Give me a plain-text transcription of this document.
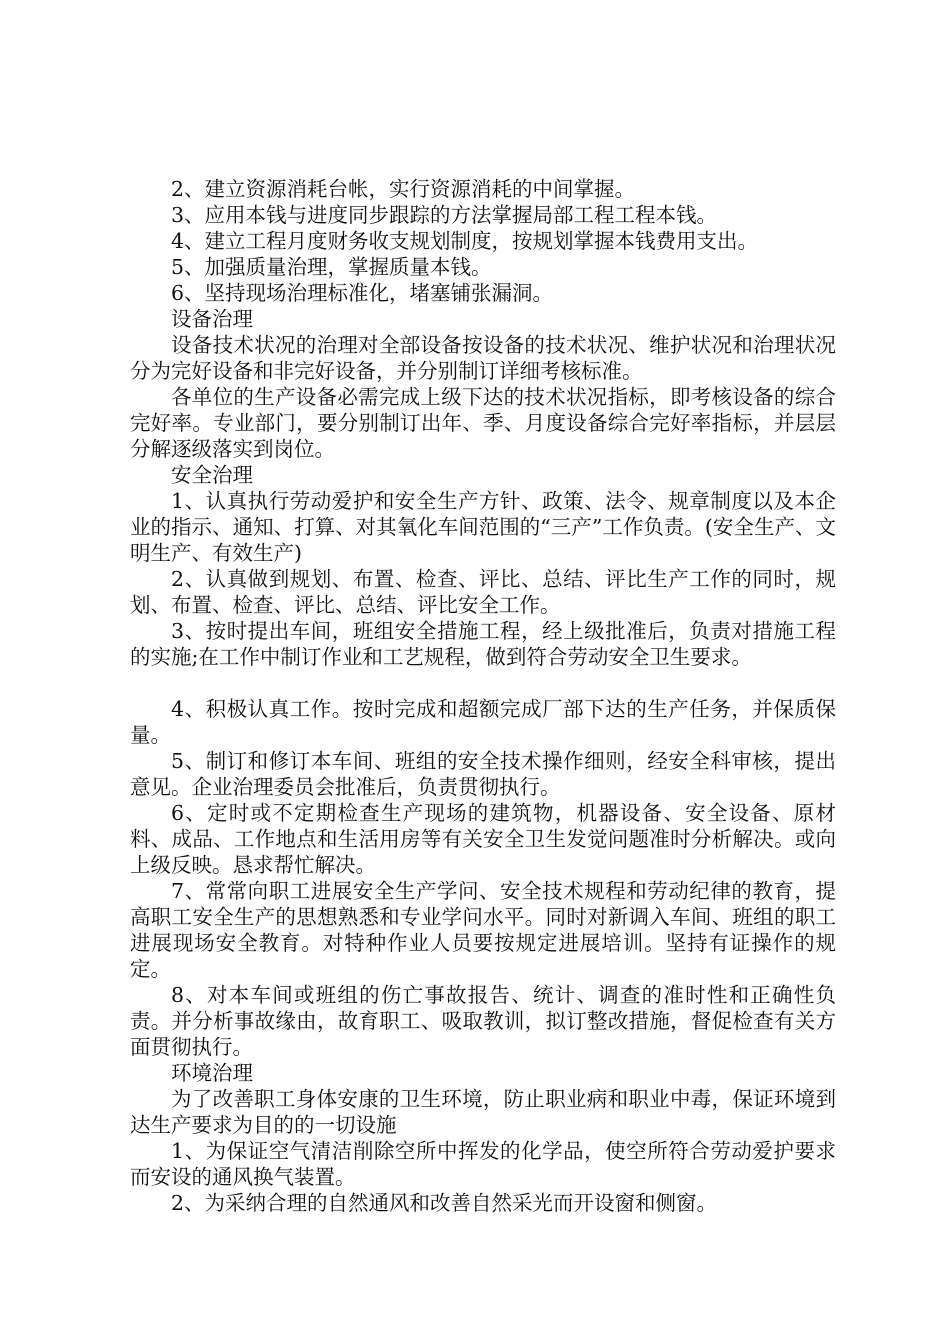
2、建立资源消耗台帐，实行资源消耗的中间掌握。

3、应用本钱与进度同步跟踪的方法掌握局部工程工程本钱。

4、建立工程月度财务收支规划制度，按规划掌握本钱费用支出。

5、加强质量治理，掌握质量本钱。

6、坚持现场治理标准化，堵塞铺张漏洞。

设备治理

设备技术状况的治理对全部设备按设备的技术状况、维护状况和治理状况分为完好设备和非完好设备，并分别制订详细考核标准。

各单位的生产设备必需完成上级下达的技术状况指标，即考核设备的综合完好率。专业部门，要分别制订出年、季、月度设备综合完好率指标，并层层分解逐级落实到岗位。

安全治理

1、认真执行劳动爱护和安全生产方针、政策、法令、规章制度以及本企业的指示、通知、打算、对其氧化车间范围的“三产”工作负责。(安全生产、文明生产、有效生产)

2、认真做到规划、布置、检查、评比、总结、评比生产工作的同时，规划、布置、检查、评比、总结、评比安全工作。

3、按时提出车间，班组安全措施工程，经上级批准后，负责对措施工程的实施;在工作中制订作业和工艺规程，做到符合劳动安全卫生要求。

4、积极认真工作。按时完成和超额完成厂部下达的生产任务，并保质保量。

5、制订和修订本车间、班组的安全技术操作细则，经安全科审核，提出意见。企业治理委员会批准后，负责贯彻执行。

6、定时或不定期检查生产现场的建筑物，机器设备、安全设备、原材料、成品、工作地点和生活用房等有关安全卫生发觉问题准时分析解决。或向上级反映。恳求帮忙解决。

7、常常向职工进展安全生产学问、安全技术规程和劳动纪律的教育，提高职工安全生产的思想熟悉和专业学问水平。同时对新调入车间、班组的职工进展现场安全教育。对特种作业人员要按规定进展培训。坚持有证操作的规定。

8、对本车间或班组的伤亡事故报告、统计、调查的准时性和正确性负责。并分析事故缘由，故育职工、吸取教训，拟订整改措施，督促检查有关方面贯彻执行。

环境治理

为了改善职工身体安康的卫生环境，防止职业病和职业中毒，保证环境到达生产要求为目的的一切设施

1、为保证空气清洁削除空所中挥发的化学品，使空所符合劳动爱护要求而安设的通风换气装置。

2、为采纳合理的自然通风和改善自然采光而开设窗和侧窗。
